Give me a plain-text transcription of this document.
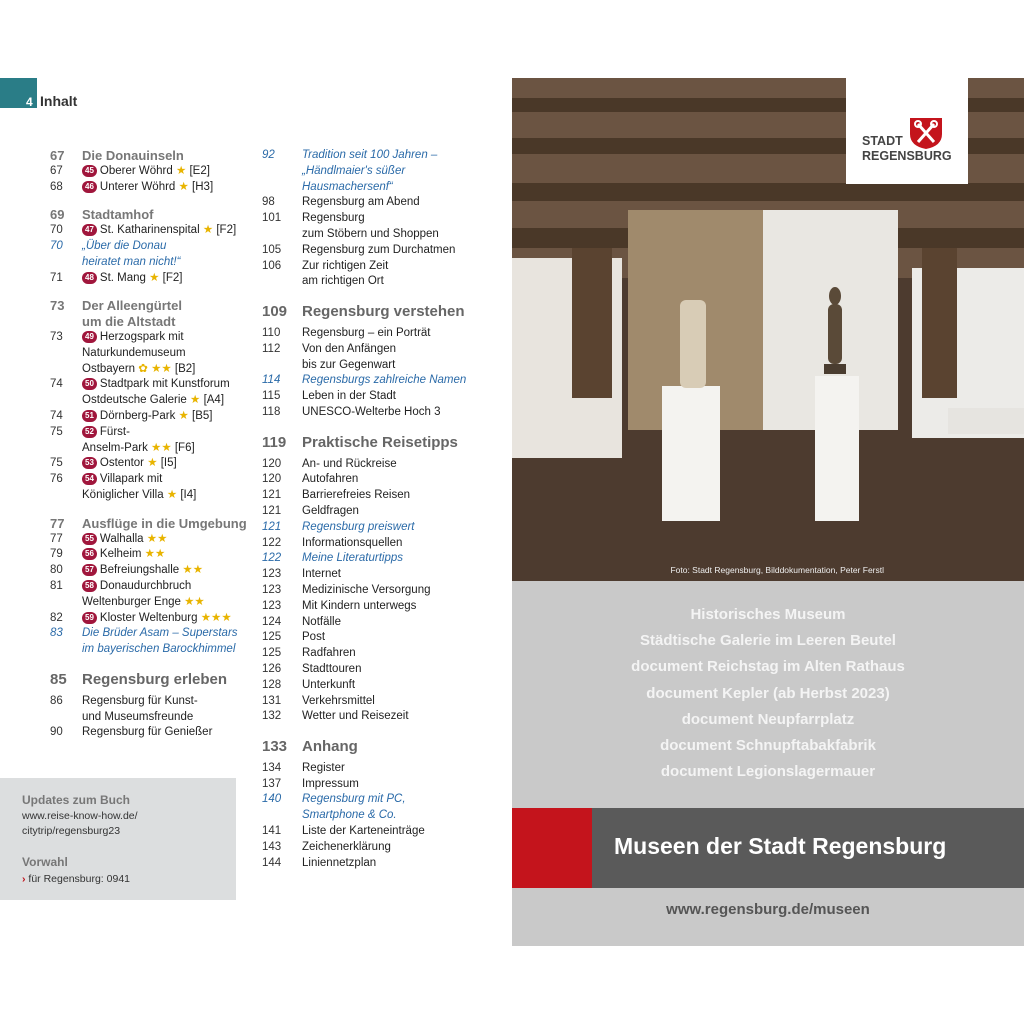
4 Inhalt
67	Die Donauinseln
67	45 Oberer Wöhrd ★ [E2]
68	46 Unterer Wöhrd ★ [H3]
69	Stadtamhof
70	47 St. Katharinenspital ★ [F2]
70	„Über die Donau
heiratet man nicht!“
71	48 St. Mang ★ [F2]
73	Der Alleengürtel
um die Altstadt
73	49 Herzogspark mit
Naturkundemuseum
Ostbayern ✿ ★★ [B2]
74	50 Stadtpark mit Kunstforum
Ostdeutsche Galerie ★ [A4]
74	51 Dörnberg-Park ★ [B5]
75	52 Fürst-
Anselm-Park ★★ [F6]
75	53 Ostentor ★ [I5]
76	54 Villapark mit
Königlicher Villa ★ [I4]
77	Ausflüge in die Umgebung
77	55 Walhalla ★★
79	56 Kelheim ★★
80	57 Befreiungshalle ★★
81	58 Donaudurchbruch
Weltenburger Enge ★★
82	59 Kloster Weltenburg ★★★
83	Die Brüder Asam – Superstars
im bayerischen Barockhimmel
85	Regensburg erleben
86	Regensburg für Kunst-
und Museumsfreunde
90	Regensburg für Genießer
92	Tradition seit 100 Jahren –
„Händlmaier's süßer
Hausmachersenf“
98	Regensburg am Abend
101	Regensburg
zum Stöbern und Shoppen
105	Regensburg zum Durchatmen
106	Zur richtigen Zeit
am richtigen Ort
109 Regensburg verstehen
110	Regensburg – ein Porträt
112	Von den Anfängen
bis zur Gegenwart
114	Regensburgs zahlreiche Namen
115	Leben in der Stadt
118	UNESCO-Welterbe Hoch 3
119	Praktische Reisetipps
120	An- und Rückreise
120	Autofahren
121	Barrierefreies Reisen
121	Geldfragen
121	Regensburg preiswert
122	Informationsquellen
122	Meine Literaturtipps
123	Internet
123	Medizinische Versorgung
123	Mit Kindern unterwegs
124	Notfälle
125	Post
125	Radfahren
126	Stadttouren
128	Unterkunft
131	Verkehrsmittel
132	Wetter und Reisezeit
133 Anhang
134	Register
137	Impressum
140	Regensburg mit PC,
Smartphone & Co.
141	Liste der Karteneinträge
143	Zeichenerklärung
144	Liniennetzplan
Updates zum Buch
www.reise-know-how.de/
citytrip/regensburg23
Vorwahl
› für Regensburg: 0941
STADT
REGENSBURG
Foto: Stadt Regensburg, Bilddokumentation, Peter Ferstl
Historisches Museum
Städtische Galerie im Leeren Beutel
document Reichstag im Alten Rathaus
document Kepler (ab Herbst 2023)
document Neupfarrplatz
document Schnupftabakfabrik
document Legionslagermauer
Museen der Stadt Regensburg
www.regensburg.de/museen
